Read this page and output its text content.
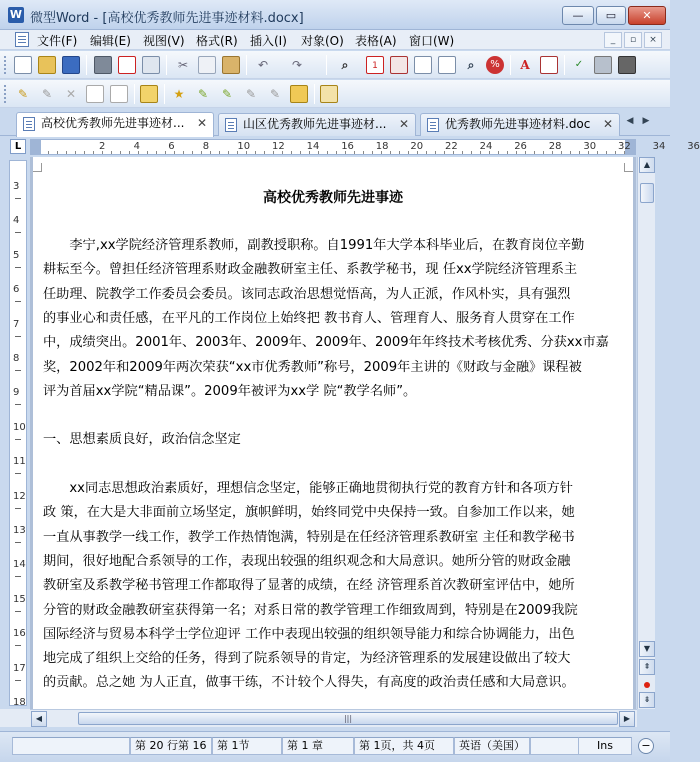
W 微型Word - [高校优秀教师先进事迹材料.docx]	—	▭	✕
文件(F) 编辑(E) 视图(V) 格式(R) 插入(I) 对象(O) 表格(A) 窗口(W)	_	▫	×
✂	↶	↷	⌕	1	⌕	%	A	✓
✎	✎	✕	★	✎	✎	✎	✎
高校优秀教师先进事迹材... ✕	山区优秀教师先进事迹材... ✕	优秀教师先进事迹材料.doc ✕ ◀ ▶
L	2	4	6	8	10 12 14 16 18 20 22 24 26 28 30 32 34 36
3
4
5
6
7
8
9
10
11
12
13
14
15
16
17
18
高校优秀教师先进事迹
　　李宁,xx学院经济管理系教师，副教授职称。自1991年大学本科毕业后，在教育岗位辛勤
耕耘至今。曾担任经济管理系财政金融教研室主任、系教学秘书，现 任xx学院经济管理系主
任助理、院教学工作委员会委员。该同志政治思想觉悟高，为人正派，作风朴实，具有强烈
的事业心和责任感，在平凡的工作岗位上始终把 教书育人、管理育人、服务育人贯穿在工作
中，成绩突出。2001年、2003年、2009年、2009年、2009年年终技术考核优秀、分获xx市嘉
奖，2002年和2009年两次荣获“xx市优秀教师”称号，2009年主讲的《财政与金融》课程被
评为首届xx学院“精品课”。2009年被评为xx学 院“教学名师”。
一、思想素质良好，政治信念坚定
　　xx同志思想政治素质好，理想信念坚定，能够正确地贯彻执行党的教育方针和各项方针
政 策，在大是大非面前立场坚定，旗帜鲜明，始终同党中央保持一致。自参加工作以来，她
一直从事教学一线工作，教学工作热情饱满，特别是在任经济管理系教研室 主任和教学秘书
期间，很好地配合系领导的工作，表现出较强的组织观念和大局意识。她所分管的财政金融
教研室及系教学秘书管理工作都取得了显著的成绩，在经 济管理系首次教研室评估中，她所
分管的财政金融教研室获得第一名；对系日常的教学管理工作细致周到，特别是在2009我院
国际经济与贸易本科学士学位迎评 工作中表现出较强的组织领导能力和综合协调能力，出色
地完成了组织上交给的任务，得到了院系领导的肯定，为经济管理系的发展建设做出了较大
的贡献。总之她 为人正直，做事干练，不计较个人得失，有高度的政治责任感和大局意识。
▲
▼
⇞
⇟
◀	|||	▶
第 20 行第 16 第 1节	第 1 章	第 1页，共 4页	英语（美国）	Ins	−
